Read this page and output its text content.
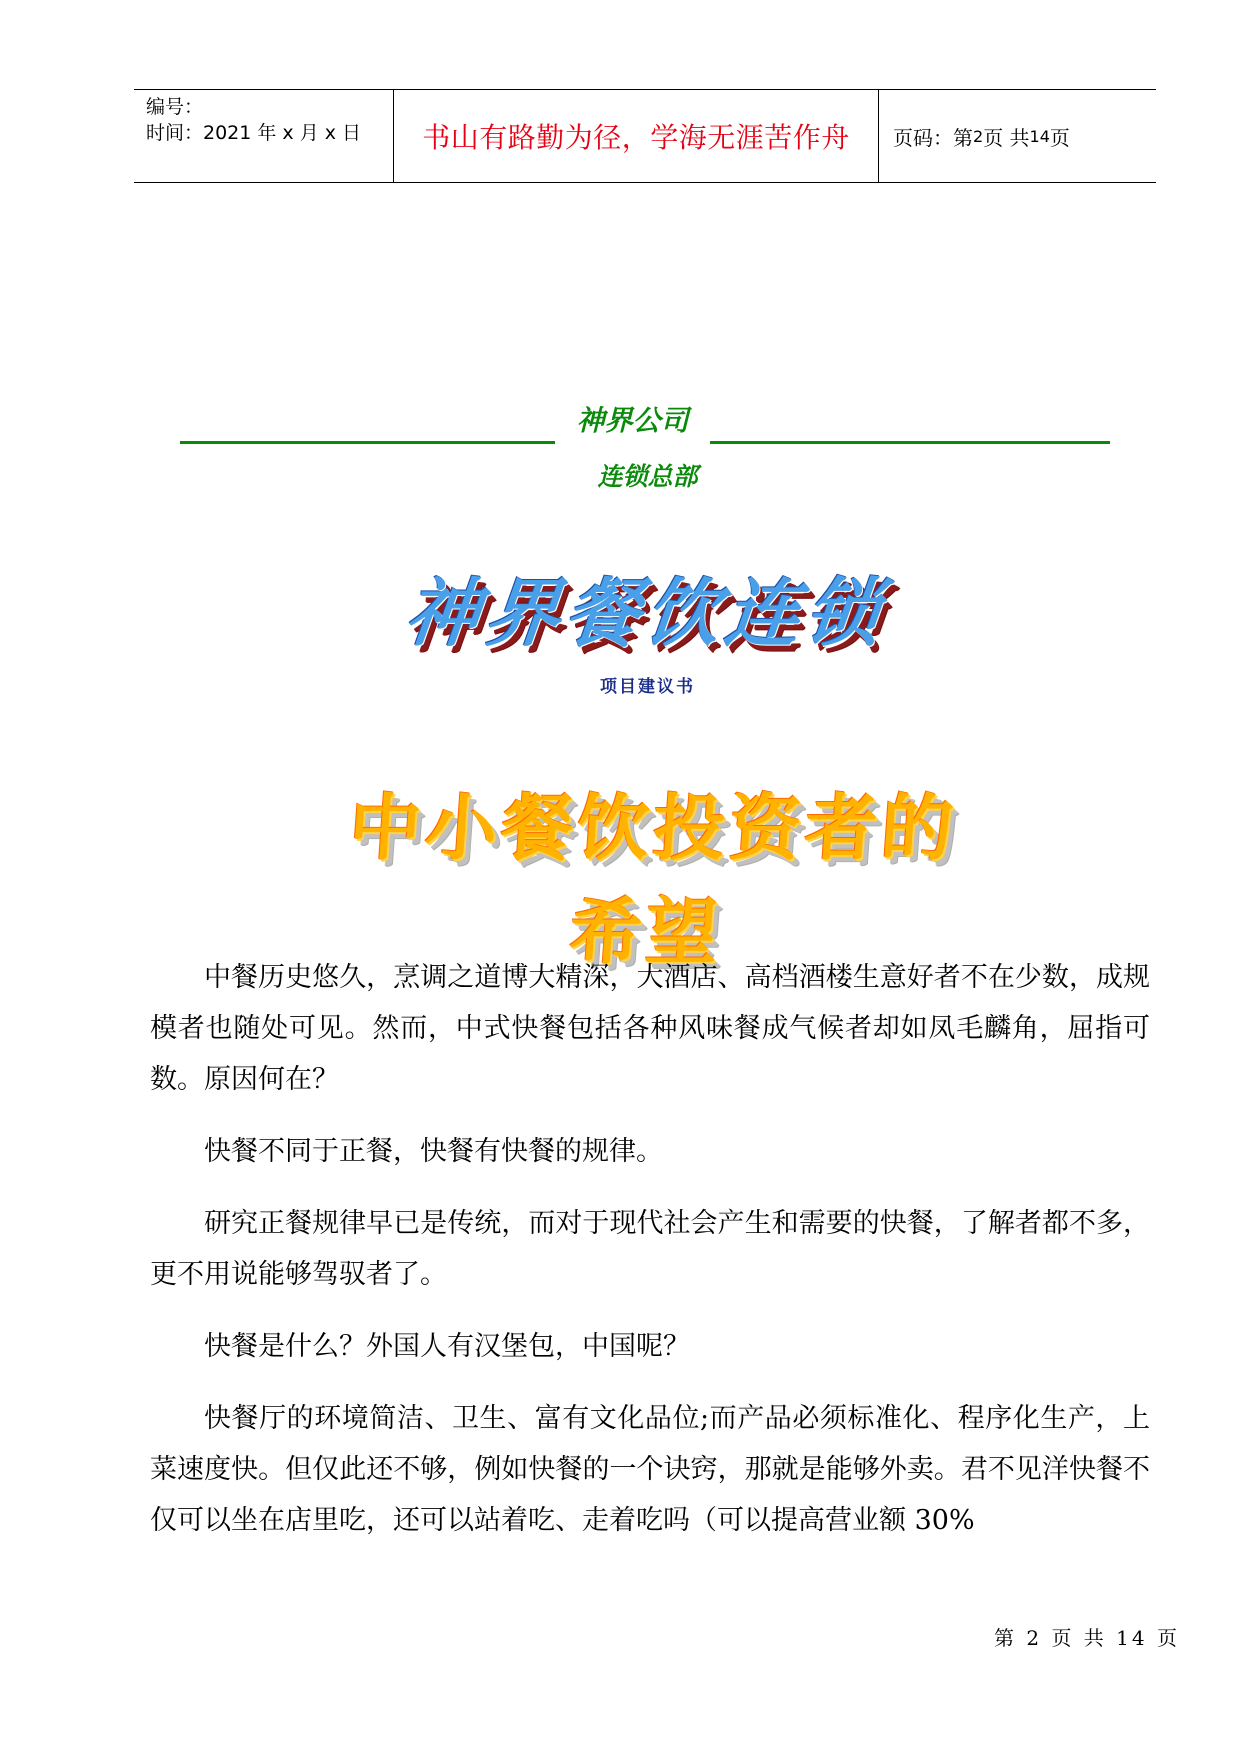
编号：
时间：2021 年 x 月 x 日	书山有路勤为径，学海无涯苦作舟	页码：第 2 页 共 14 页
神界公司
连锁总部
神界餐饮连锁
项目建议书
中小餐饮投资者的希望

中餐历史悠久，烹调之道博大精深，大酒店、高档酒楼生意好者不在少数，成规模者也随处可见。然而，中式快餐包括各种风味餐成气候者却如凤毛麟角，屈指可数。原因何在？

快餐不同于正餐，快餐有快餐的规律。

研究正餐规律早已是传统，而对于现代社会产生和需要的快餐，了解者都不多，更不用说能够驾驭者了。

快餐是什么？外国人有汉堡包，中国呢？

快餐厅的环境简洁、卫生、富有文化品位;而产品必须标准化、程序化生产，上菜速度快。但仅此还不够，例如快餐的一个诀窍，那就是能够外卖。君不见洋快餐不仅可以坐在店里吃，还可以站着吃、走着吃吗（可以提高营业额 30%

第 2 页 共 14 页
